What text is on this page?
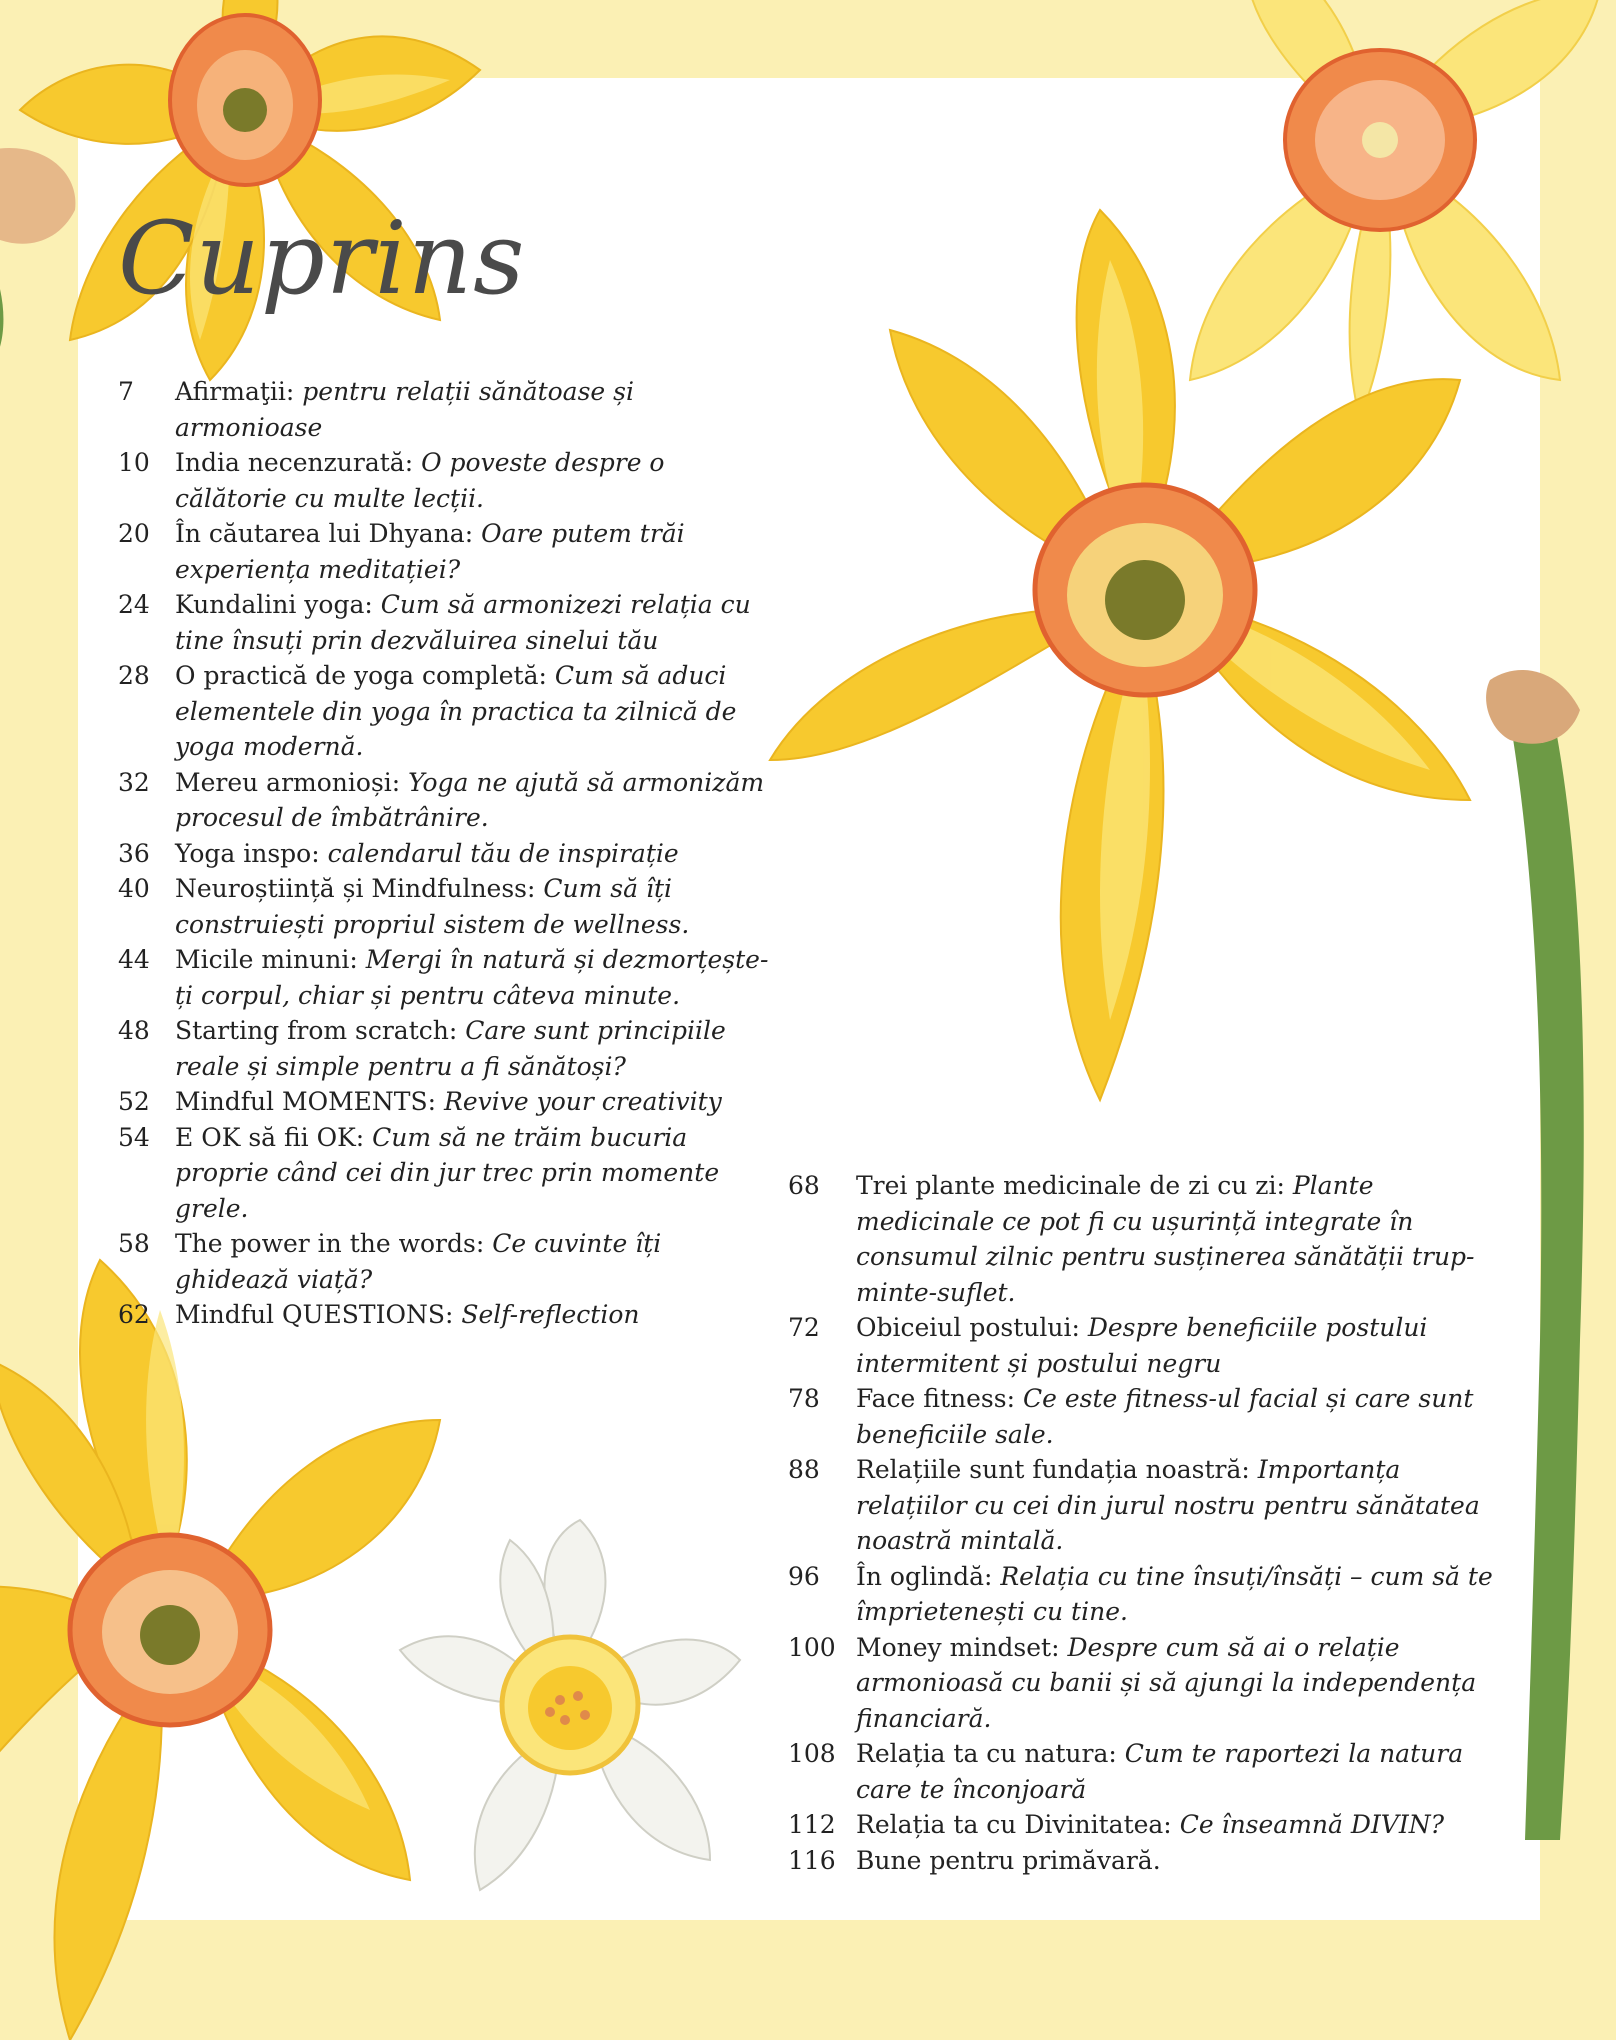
Cuprins
7 Afirmaţii: pentru relații sănătoase și armonioase
10 India necenzurată: O poveste despre o călătorie cu multe lecții.
20 În căutarea lui Dhyana: Oare putem trăi experiența meditației?
24 Kundalini yoga: Cum să armonizezi relația cu tine însuți prin dezvăluirea sinelui tău
28 O practică de yoga completă: Cum să aduci elementele din yoga în practica ta zilnică de yoga modernă.
32 Mereu armonioși: Yoga ne ajută să armonizăm procesul de îmbătrânire.
36 Yoga inspo: calendarul tău de inspirație
40 Neuroștiință și Mindfulness: Cum să îți construiești propriul sistem de wellness.
44 Micile minuni: Mergi în natură și dezmorțește-ți corpul, chiar și pentru câteva minute.
48 Starting from scratch: Care sunt principiile reale și simple pentru a fi sănătoși?
52 Mindful MOMENTS: Revive your creativity
54 E OK să fii OK: Cum să ne trăim bucuria proprie când cei din jur trec prin momente grele.
58 The power in the words: Ce cuvinte îți ghidează viață?
62 Mindful QUESTIONS: Self-reflection
68 Trei plante medicinale de zi cu zi: Plante medicinale ce pot fi cu ușurință integrate în consumul zilnic pentru susținerea sănătății trup-minte-suflet.
72 Obiceiul postului: Despre beneficiile postului intermitent și postului negru
78 Face fitness: Ce este fitness-ul facial și care sunt beneficiile sale.
88 Relațiile sunt fundația noastră: Importanța relațiilor cu cei din jurul nostru pentru sănătatea noastră mintală.
96 În oglindă: Relația cu tine însuți/însăți – cum să te împrietenești cu tine.
100 Money mindset: Despre cum să ai o relație armonioasă cu banii și să ajungi la independența financiară.
108 Relația ta cu natura: Cum te raportezi la natura care te înconjoară
112 Relația ta cu Divinitatea: Ce înseamnă DIVIN?
116 Bune pentru primăvară.
